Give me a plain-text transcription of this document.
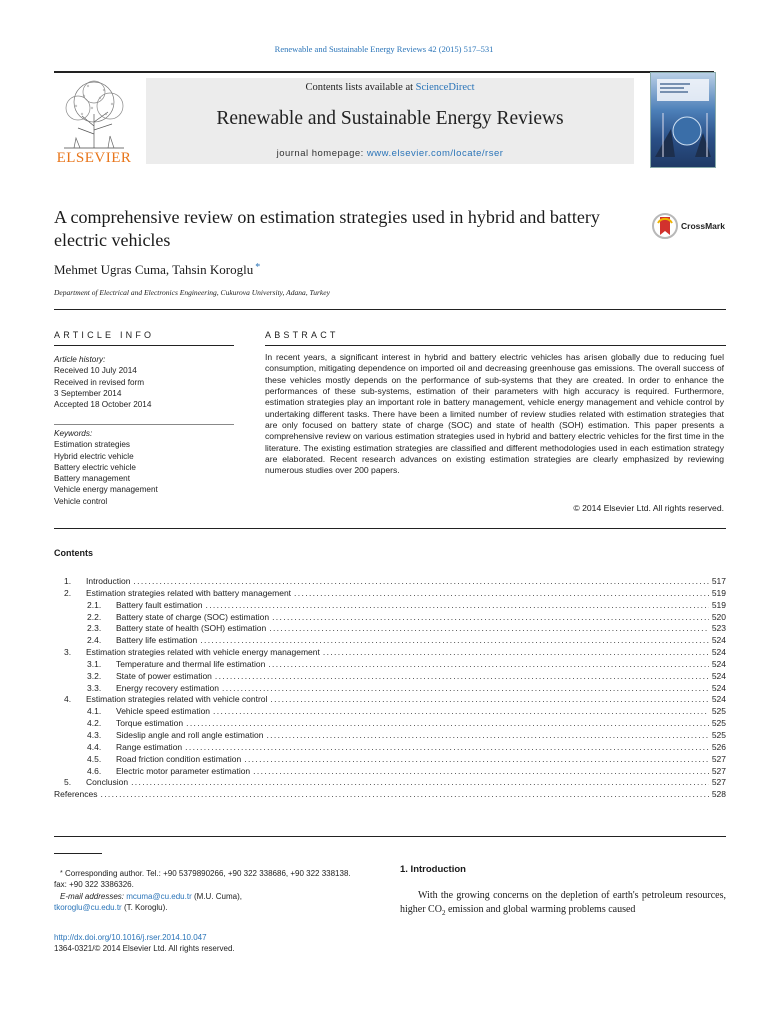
Renewable and Sustainable Energy Reviews 42 (2015) 517–531
ELSEVIER
Contents lists available at ScienceDirect
Renewable and Sustainable Energy Reviews
journal homepage: www.elsevier.com/locate/rser
A comprehensive review on estimation strategies used in hybrid and battery electric vehicles
CrossMark
Mehmet Ugras Cuma, Tahsin Koroglu *
Department of Electrical and Electronics Engineering, Cukurova University, Adana, Turkey
ARTICLE INFO
Article history:
Received 10 July 2014
Received in revised form
3 September 2014
Accepted 18 October 2014
Keywords:
Estimation strategies
Hybrid electric vehicle
Battery electric vehicle
Battery management
Vehicle energy management
Vehicle control
ABSTRACT
In recent years, a significant interest in hybrid and battery electric vehicles has arisen globally due to reducing fuel consumption, mitigating dependence on imported oil and decreasing greenhouse gas emissions. The overall success of these vehicles mostly depends on the performance of sub-systems that they are created. In order to enhance the performances of these sub-systems, estimation of their parameters with high accuracy is required. Furthermore, estimation strategies play an important role in battery management, vehicle energy management and vehicle control by undertaking different tasks. There have been a limited number of review studies related with estimation strategies that are only focused on battery state of charge (SOC) and state of health (SOH) estimation. This paper presents a comprehensive review on various estimation strategies used in hybrid and battery electric vehicles for the first time in the literature. The existing estimation strategies are classified and different methodologies used in each estimation strategy are elaborated. Recent research advances on existing estimation strategies are clearly emphasized by reviewing numerous studies over 200 papers.
© 2014 Elsevier Ltd. All rights reserved.
Contents
1.	Introduction . . .	517
2.	Estimation strategies related with battery management . . .	519
2.1.	Battery fault estimation . . .	519
2.2.	Battery state of charge (SOC) estimation . . .	520
2.3.	Battery state of health (SOH) estimation . . .	523
2.4.	Battery life estimation . . .	524
3.	Estimation strategies related with vehicle energy management . . .	524
3.1.	Temperature and thermal life estimation . . .	524
3.2.	State of power estimation . . .	524
3.3.	Energy recovery estimation . . .	524
4.	Estimation strategies related with vehicle control . . .	524
4.1.	Vehicle speed estimation . . .	525
4.2.	Torque estimation . . .	525
4.3.	Sideslip angle and roll angle estimation . . .	525
4.4.	Range estimation . . .	526
4.5.	Road friction condition estimation . . .	527
4.6.	Electric motor parameter estimation . . .	527
5.	Conclusion . . .	527
References . . .	528
* Corresponding author. Tel.: +90 5379890266, +90 322 338686, +90 322 338138. fax: +90 322 3386326.
E-mail addresses: mcuma@cu.edu.tr (M.U. Cuma),
tkoroglu@cu.edu.tr (T. Koroglu).
http://dx.doi.org/10.1016/j.rser.2014.10.047
1364-0321/© 2014 Elsevier Ltd. All rights reserved.
1. Introduction
With the growing concerns on the depletion of earth's petroleum resources, higher $CO_2$ emission and global warming problems caused
